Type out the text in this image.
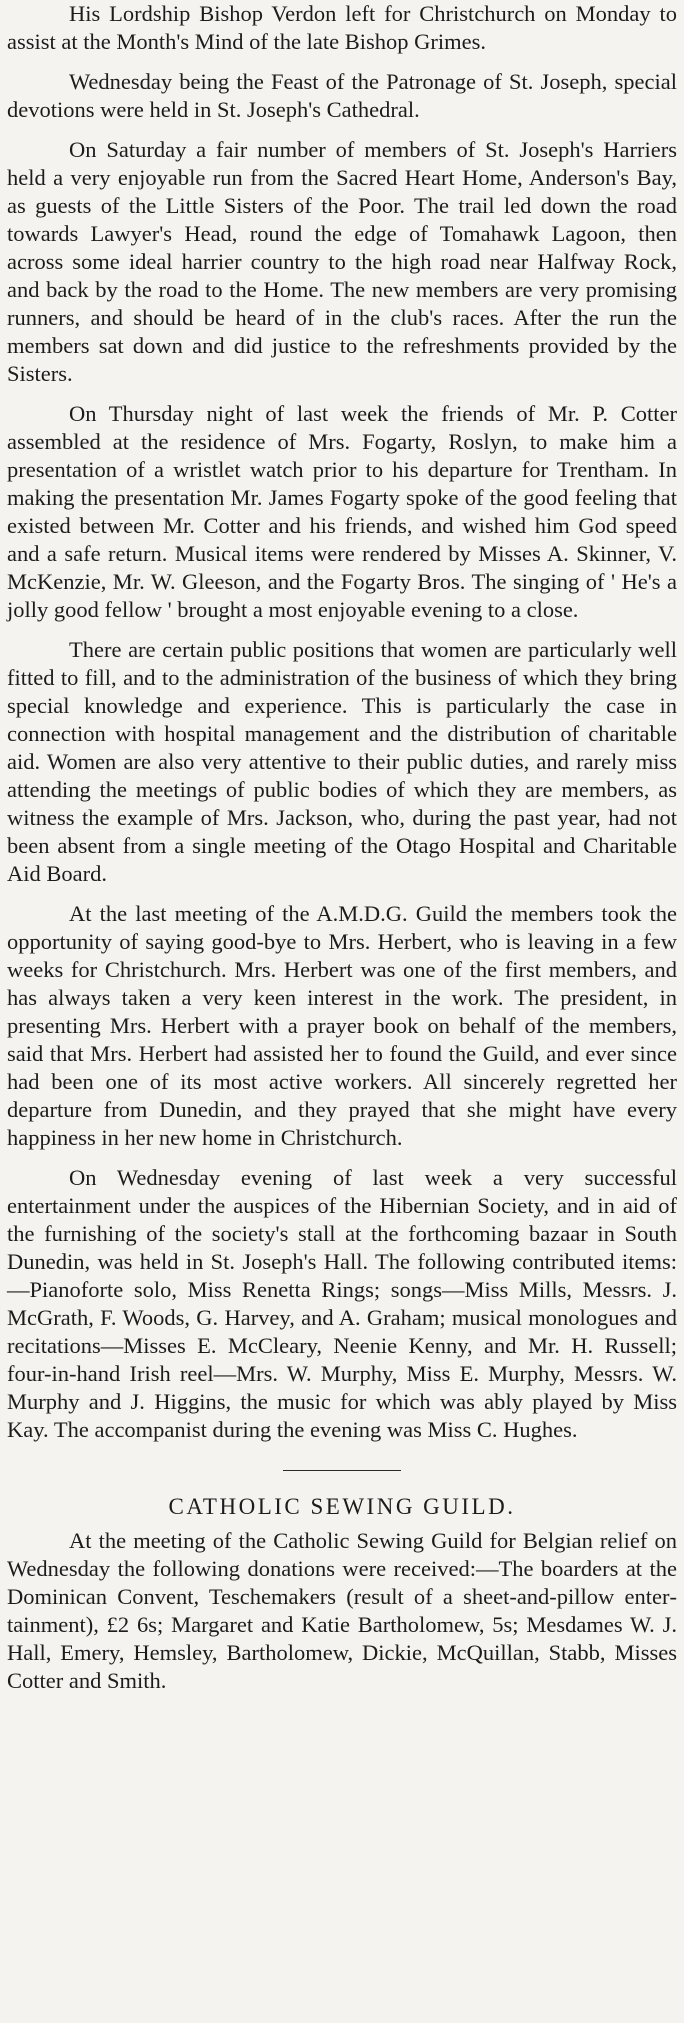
His Lordship Bishop Verdon left for Christchurch on Monday to assist at the Month's Mind of the late Bishop Grimes.

Wednesday being the Feast of the Patronage of St. Joseph, special devotions were held in St. Joseph's Cathedral.

On Saturday a fair number of members of St. Joseph's Harriers held a very enjoyable run from the Sacred Heart Home, Anderson's Bay, as guests of the Little Sisters of the Poor. The trail led down the road towards Lawyer's Head, round the edge of Tomahawk Lagoon, then across some ideal harrier country to the high road near Halfway Rock, and back by the road to the Home. The new members are very promising runners, and should be heard of in the club's races. After the run the members sat down and did justice to the refreshments provided by the Sisters.

On Thursday night of last week the friends of Mr. P. Cotter assembled at the residence of Mrs. Fogarty, Roslyn, to make him a presentation of a wristlet watch prior to his departure for Trentham. In making the presentation Mr. James Fogarty spoke of the good feeling that existed between Mr. Cotter and his friends, and wished him God speed and a safe return. Musical items were rendered by Misses A. Skinner, V. McKenzie, Mr. W. Gleeson, and the Fogarty Bros. The singing of ' He's a jolly good fellow ' brought a most enjoyable evening to a close.

There are certain public positions that women are particularly well fitted to fill, and to the administration of the business of which they bring special knowledge and experience. This is particularly the case in connection with hospital management and the distribution of charitable aid. Women are also very attentive to their public duties, and rarely miss attending the meetings of public bodies of which they are members, as witness the example of Mrs. Jackson, who, during the past year, had not been absent from a single meeting of the Otago Hospital and Charitable Aid Board.

At the last meeting of the A.M.D.G. Guild the members took the opportunity of saying good-bye to Mrs. Herbert, who is leaving in a few weeks for Christchurch. Mrs. Herbert was one of the first members, and has always taken a very keen interest in the work. The president, in presenting Mrs. Herbert with a prayer book on behalf of the members, said that Mrs. Herbert had assisted her to found the Guild, and ever since had been one of its most active workers. All sincerely regretted her departure from Dunedin, and they prayed that she might have every happiness in her new home in Christchurch.

On Wednesday evening of last week a very successful entertainment under the auspices of the Hibernian Society, and in aid of the furnishing of the society's stall at the forthcoming bazaar in South Dunedin, was held in St. Joseph's Hall. The following contributed items:—Pianoforte solo, Miss Renetta Rings; songs—Miss Mills, Messrs. J. McGrath, F. Woods, G. Harvey, and A. Graham; musical monologues and recitations—Misses E. McCleary, Neenie Kenny, and Mr. H. Russell; four-in-hand Irish reel—Mrs. W. Murphy, Miss E. Murphy, Messrs. W. Murphy and J. Higgins, the music for which was ably played by Miss Kay. The accompanist during the evening was Miss C. Hughes.

CATHOLIC SEWING GUILD.

At the meeting of the Catholic Sewing Guild for Belgian relief on Wednesday the following donations were received:—The boarders at the Dominican Convent, Teschemakers (result of a sheet-and-pillow entertainment), £2 6s; Margaret and Katie Bartholomew, 5s; Mesdames W. J. Hall, Emery, Hemsley, Bartholomew, Dickie, McQuillan, Stabb, Misses Cotter and Smith.
